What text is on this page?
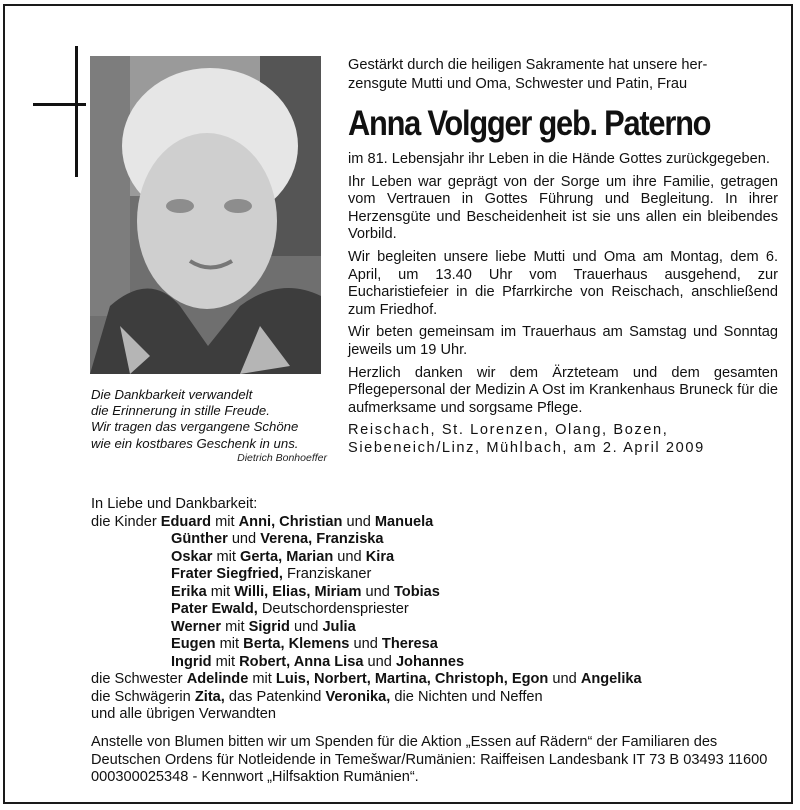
Die Dankbarkeit verwandelt
die Erinnerung in stille Freude.
Wir tragen das vergangene Schöne
wie ein kostbares Geschenk in uns.
Dietrich Bonhoeffer
Gestärkt durch die heiligen Sakramente hat unsere her-
zensgute Mutti und Oma, Schwester und Patin, Frau
Anna Volgger geb. Paterno

im 81. Lebensjahr ihr Leben in die Hände Gottes zurückgegeben.

Ihr Leben war geprägt von der Sorge um ihre Familie, getragen vom Vertrauen in Gottes Führung und Begleitung. In ihrer Herzensgüte und Bescheidenheit ist sie uns allen ein bleibendes Vorbild.

Wir begleiten unsere liebe Mutti und Oma am Montag, dem 6. April, um 13.40 Uhr vom Trauerhaus ausgehend, zur Eucharistiefeier in die Pfarrkirche von Reischach, anschließend zum Friedhof.

Wir beten gemeinsam im Trauerhaus am Samstag und Sonntag jeweils um 19 Uhr.

Herzlich danken wir dem Ärzteteam und dem gesamten Pflegepersonal der Medizin A Ost im Krankenhaus Bruneck für die aufmerksame und sorgsame Pflege.

Reischach, St. Lorenzen, Olang, Bozen,
Siebeneich/Linz, Mühlbach, am 2. April 2009
In Liebe und Dankbarkeit:
die Kinder Eduard mit Anni, Christian und Manuela
Günther und Verena, Franziska
Oskar mit Gerta, Marian und Kira
Frater Siegfried, Franziskaner
Erika mit Willi, Elias, Miriam und Tobias
Pater Ewald, Deutschordenspriester
Werner mit Sigrid und Julia
Eugen mit Berta, Klemens und Theresa
Ingrid mit Robert, Anna Lisa und Johannes
die Schwester Adelinde mit Luis, Norbert, Martina, Christoph, Egon und Angelika
die Schwägerin Zita, das Patenkind Veronika, die Nichten und Neffen
und alle übrigen Verwandten
Anstelle von Blumen bitten wir um Spenden für die Aktion „Essen auf Rädern“ der Familiaren des Deutschen Ordens für Notleidende in Temešwar/Rumänien: Raiffeisen Landesbank IT 73 B 03493 11600 000300025348 - Kennwort „Hilfsaktion Rumänien“.
